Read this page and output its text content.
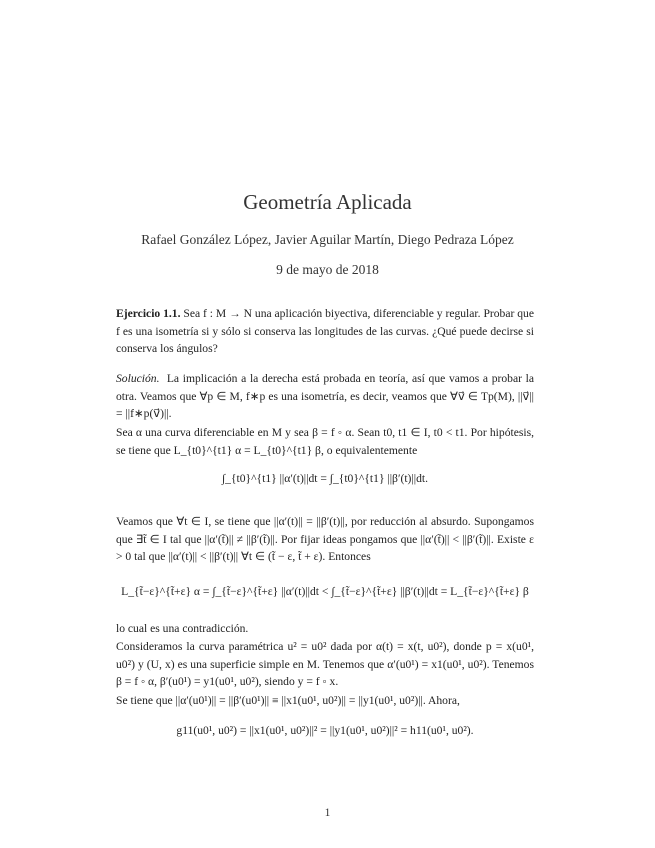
Geometría Aplicada
Rafael González López, Javier Aguilar Martín, Diego Pedraza López
9 de mayo de 2018
Ejercicio 1.1. Sea f : M → N una aplicación biyectiva, diferenciable y regular. Probar que f es una isometría si y sólo si conserva las longitudes de las curvas. ¿Qué puede decirse si conserva los ángulos?
Solución. La implicación a la derecha está probada en teoría, así que vamos a probar la otra. Veamos que ∀p ∈ M, f∗p es una isometría, es decir, veamos que ∀v⃗ ∈ Tp(M), ||v⃗|| = ||f∗p(v⃗)||.
Sea α una curva diferenciable en M y sea β = f ◦ α. Sean t0, t1 ∈ I, t0 < t1. Por hipótesis, se tiene que L_{t0}^{t1} α = L_{t0}^{t1} β, o equivalentemente
∫_{t0}^{t1} ||α′(t)||dt = ∫_{t0}^{t1} ||β′(t)||dt.
Veamos que ∀t ∈ I, se tiene que ||α′(t)|| = ||β′(t)||, por reducción al absurdo. Supongamos que ∃t̃ ∈ I tal que ||α′(t̃)|| ≠ ||β′(t̃)||. Por fijar ideas pongamos que ||α′(t̃)|| < ||β′(t̃)||. Existe ε > 0 tal que ||α′(t)|| < ||β′(t)|| ∀t ∈ (t̃ − ε, t̃ + ε). Entonces
L_{t̃−ε}^{t̃+ε} α = ∫_{t̃−ε}^{t̃+ε} ||α′(t)||dt < ∫_{t̃−ε}^{t̃+ε} ||β′(t)||dt = L_{t̃−ε}^{t̃+ε} β
lo cual es una contradicción.
Consideramos la curva paramétrica u² = u0² dada por α(t) = x(t, u0²), donde p = x(u0¹, u0²) y (U, x) es una superficie simple en M. Tenemos que α′(u0¹) = x1(u0¹, u0²). Tenemos β = f ◦ α, β′(u0¹) = y1(u0¹, u0²), siendo y = f ◦ x.
Se tiene que ||α′(u0¹)|| = ||β′(u0¹)|| ≡ ||x1(u0¹, u0²)|| = ||y1(u0¹, u0²)||. Ahora,
g11(u0¹, u0²) = ||x1(u0¹, u0²)||² = ||y1(u0¹, u0²)||² = h11(u0¹, u0²).
1
